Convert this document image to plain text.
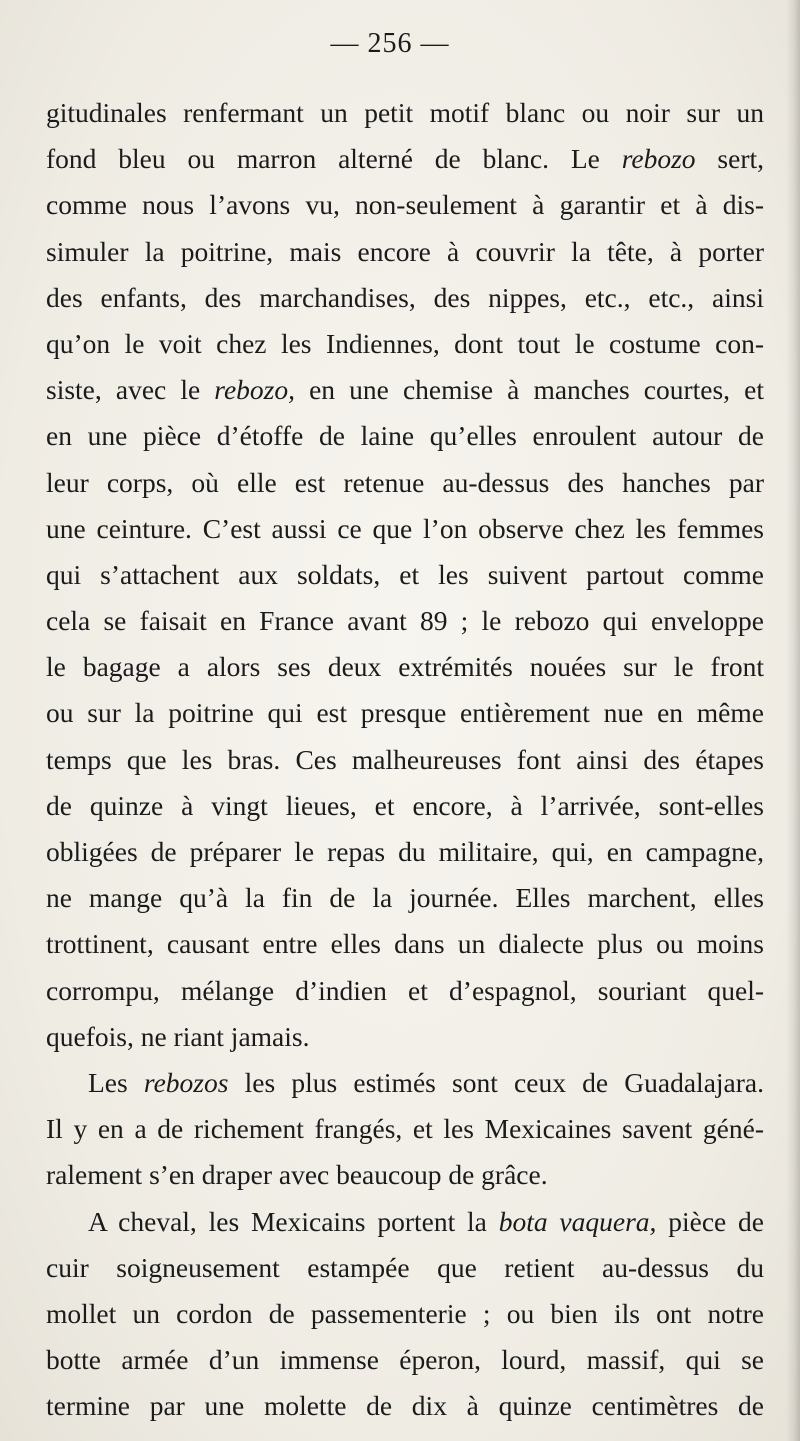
— 256 —
gitudinales renfermant un petit motif blanc ou noir sur un
fond bleu ou marron alterné de blanc. Le rebozo sert,
comme nous l’avons vu, non-seulement à garantir et à dis-
simuler la poitrine, mais encore à couvrir la tête, à porter
des enfants, des marchandises, des nippes, etc., etc., ainsi
qu’on le voit chez les Indiennes, dont tout le costume con-
siste, avec le rebozo, en une chemise à manches courtes, et
en une pièce d’étoffe de laine qu’elles enroulent autour de
leur corps, où elle est retenue au-dessus des hanches par
une ceinture. C’est aussi ce que l’on observe chez les femmes
qui s’attachent aux soldats, et les suivent partout comme
cela se faisait en France avant 89 ; le rebozo qui enveloppe
le bagage a alors ses deux extrémités nouées sur le front
ou sur la poitrine qui est presque entièrement nue en même
temps que les bras. Ces malheureuses font ainsi des étapes
de quinze à vingt lieues, et encore, à l’arrivée, sont-elles
obligées de préparer le repas du militaire, qui, en campagne,
ne mange qu’à la fin de la journée. Elles marchent, elles
trottinent, causant entre elles dans un dialecte plus ou moins
corrompu, mélange d’indien et d’espagnol, souriant quel-
quefois, ne riant jamais.
Les rebozos les plus estimés sont ceux de Guadalajara.
Il y en a de richement frangés, et les Mexicaines savent géné-
ralement s’en draper avec beaucoup de grâce.
A cheval, les Mexicains portent la bota vaquera, pièce de
cuir soigneusement estampée que retient au-dessus du
mollet un cordon de passementerie ; ou bien ils ont notre
botte armée d’un immense éperon, lourd, massif, qui se
termine par une molette de dix à quinze centimètres de
